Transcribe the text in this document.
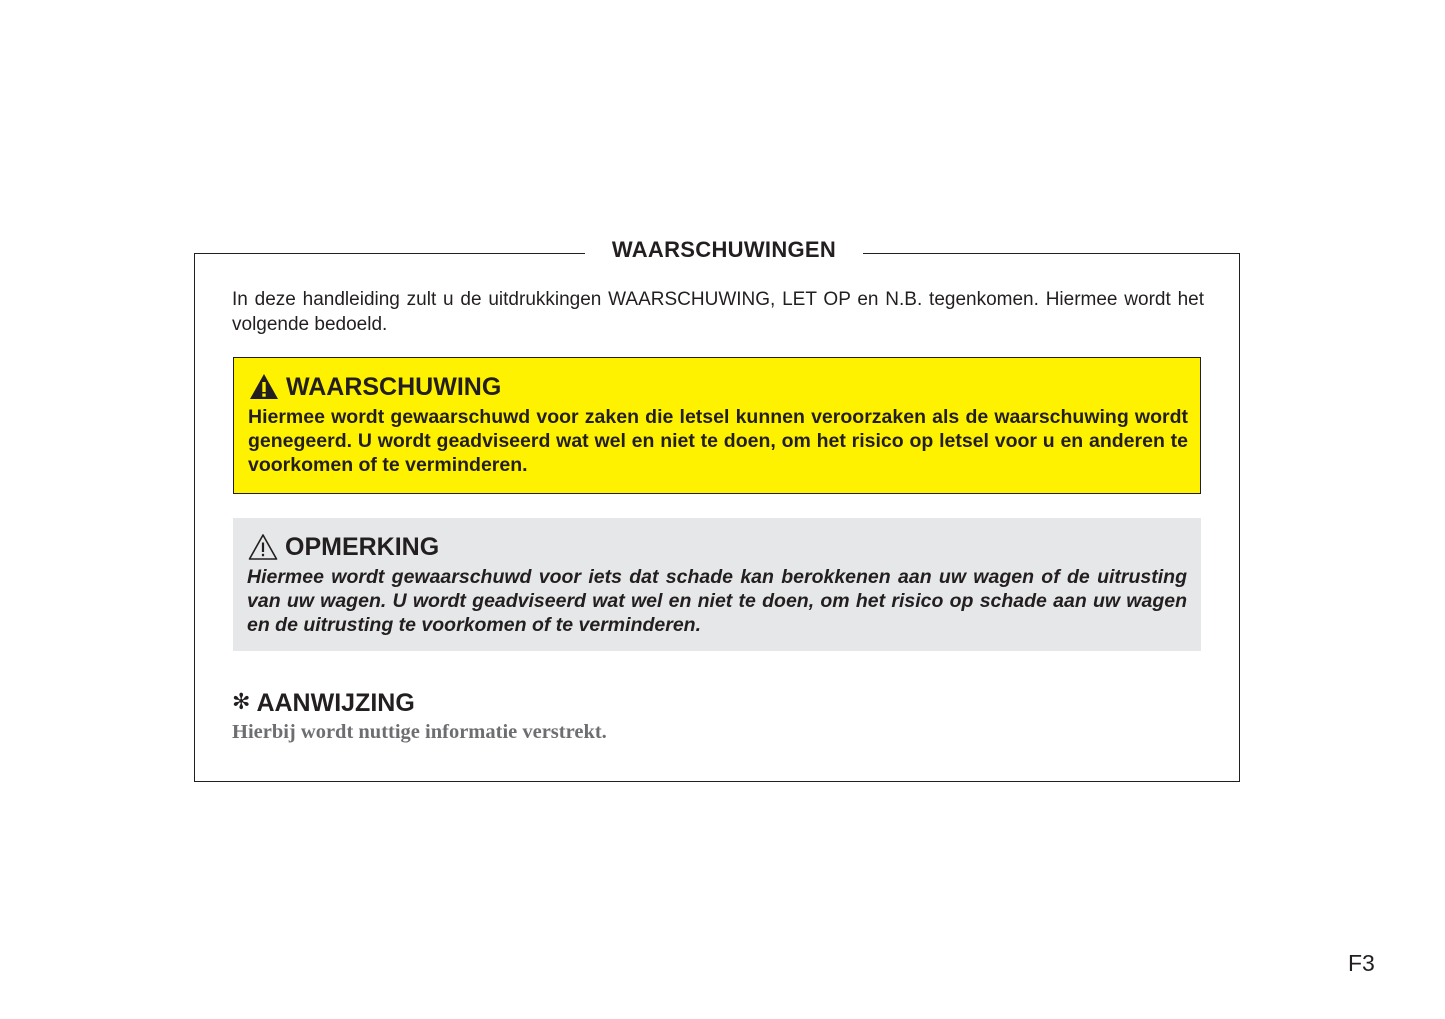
WAARSCHUWINGEN
In deze handleiding zult u de uitdrukkingen WAARSCHUWING, LET OP en N.B. tegenkomen. Hiermee wordt het volgende bedoeld.
WAARSCHUWING
Hiermee wordt gewaarschuwd voor zaken die letsel kunnen veroorzaken als de waarschuwing wordt genegeerd. U wordt geadviseerd wat wel en niet te doen, om het risico op letsel voor u en anderen te voorkomen of te verminderen.
OPMERKING
Hiermee wordt gewaarschuwd voor iets dat schade kan berokkenen aan uw wagen of de uitrusting van uw wagen. U wordt geadviseerd wat wel en niet te doen, om het risico op schade aan uw wagen en de uitrusting te voorkomen of te verminderen.
✻ AANWIJZING
Hierbij wordt nuttige informatie verstrekt.
F3
